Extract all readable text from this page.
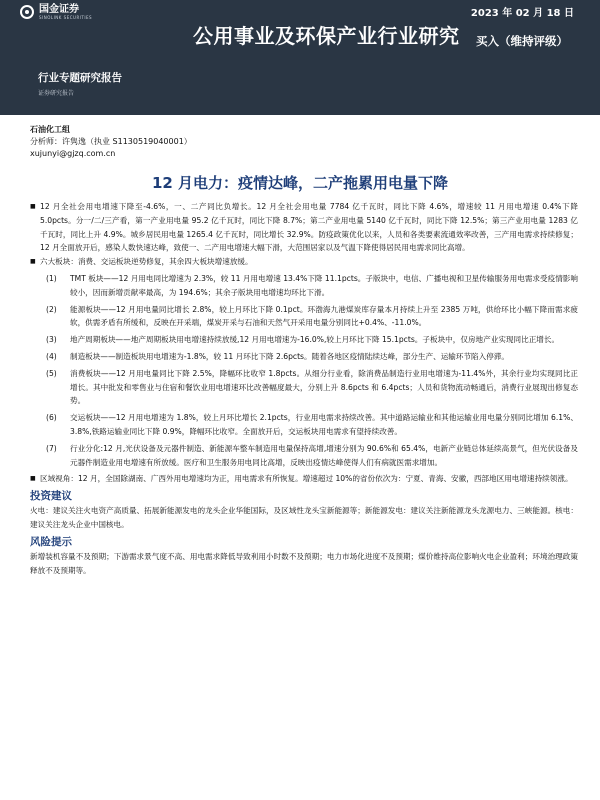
国金证券
SINOLINK SECURITIES	2023 年 02 月 18 日
公用事业及环保产业行业研究 买入（维持评级）
行业专题研究报告
证券研究报告
石油化工组
分析师：许隽逸（执业 S1130519040001）
xujunyi@gjzq.com.cn
12 月电力：疫情达峰，二产拖累用电量下降
■ 12 月全社会用电增速下降至-4.6%，一、二产同比负增长。12 月全社会用电量 7784 亿千瓦时，同比下降 4.6%，增速较 11 月用电增速 0.4%下降 5.0pcts。分一/二/三产看，第一产业用电量 95.2 亿千瓦时，同比下降 8.7%；第二产业用电量 5140 亿千瓦时，同比下降 12.5%；第三产业用电量 1283 亿千瓦时，同比上升 4.9%。城乡居民用电量 1265.4 亿千瓦时，同比增长 32.9%。防疫政策优化以来，人员和各类要素流通效率改善，三产用电需求持续修复；12 月全面放开后，感染人数快速达峰，致使一、二产用电增速大幅下滑，大范围居家以及气温下降使得居民用电需求同比高增。
■ 六大板块：消费、交运板块逆势修复，其余四大板块增速放缓。
(1)	TMT 板块——12 月用电同比增速为 2.3%，较 11 月用电增速 13.4%下降 11.1pcts。子版块中，电信、广播电视和卫星传输服务用电需求受疫情影响较小，因而新增贡献率最高，为 194.6%；其余子版块用电增速均环比下滑。
(2)	能源板块——12 月用电量同比增长 2.8%，较上月环比下降 0.1pct。环渤海九港煤炭库存量本月持续上升至 2385 万吨，供给环比小幅下降而需求疲软，供需矛盾有所缓和，反映在开采端，煤炭开采与石油和天然气开采用电量分别同比+0.4%、-11.0%。
(3)	地产周期板块——地产周期板块用电增速持续放缓,12 月用电增速为-16.0%,较上月环比下降 15.1pcts。子板块中，仅房地产业实现同比正增长。
(4)	制造板块——制造板块用电增速为-1.8%，较 11 月环比下降 2.6pcts。随着各地区疫情陆续达峰，部分生产、运输环节陷入停滞。
(5)	消费板块——12 月用电量同比下降 2.5%，降幅环比收窄 1.8pcts。从细分行业看，除消费品制造行业用电增速为-11.4%外，其余行业均实现同比正增长。其中批发和零售业与住宿和餐饮业用电增速环比改善幅度最大，分别上升 8.6pcts 和 6.4pcts；人员和货物流动畅通后，消费行业展现出修复态势。
(6)	交运板块——12 月用电增速为 1.8%，较上月环比增长 2.1pcts，行业用电需求持续改善。其中道路运输业和其他运输业用电量分别同比增加 6.1%、3.8%,铁路运输业同比下降 0.9%，降幅环比收窄。全面放开后，交运板块用电需求有望持续改善。
(7)	行业分化:12 月,光伏设备及元器件制造、新能源车整车制造用电量保持高增,增速分别为 90.6%和 65.4%，电新产业链总体延续高景气，但光伏设备及元器件制造业用电增速有所放缓。医疗和卫生服务用电同比高增，反映出疫情达峰使得人们有病就医需求增加。
■ 区域视角：12 月，全国除湖南、广西外用电增速均为正，用电需求有所恢复。增速超过 10%的省份依次为：宁夏、青海、安徽，西部地区用电增速持续领涨。
投资建议
火电：建议关注火电资产高质量、拓展新能源发电的龙头企业华能国际，及区域性龙头宝新能源等；新能源发电：建议关注新能源龙头龙源电力、三峡能源。核电：建议关注龙头企业中国核电。
风险提示
新增装机容量不及预期；下游需求景气度不高、用电需求降低导致利用小时数不及预期；电力市场化进度不及预期；煤价维持高位影响火电企业盈利；环境治理政策释放不及预期等。
